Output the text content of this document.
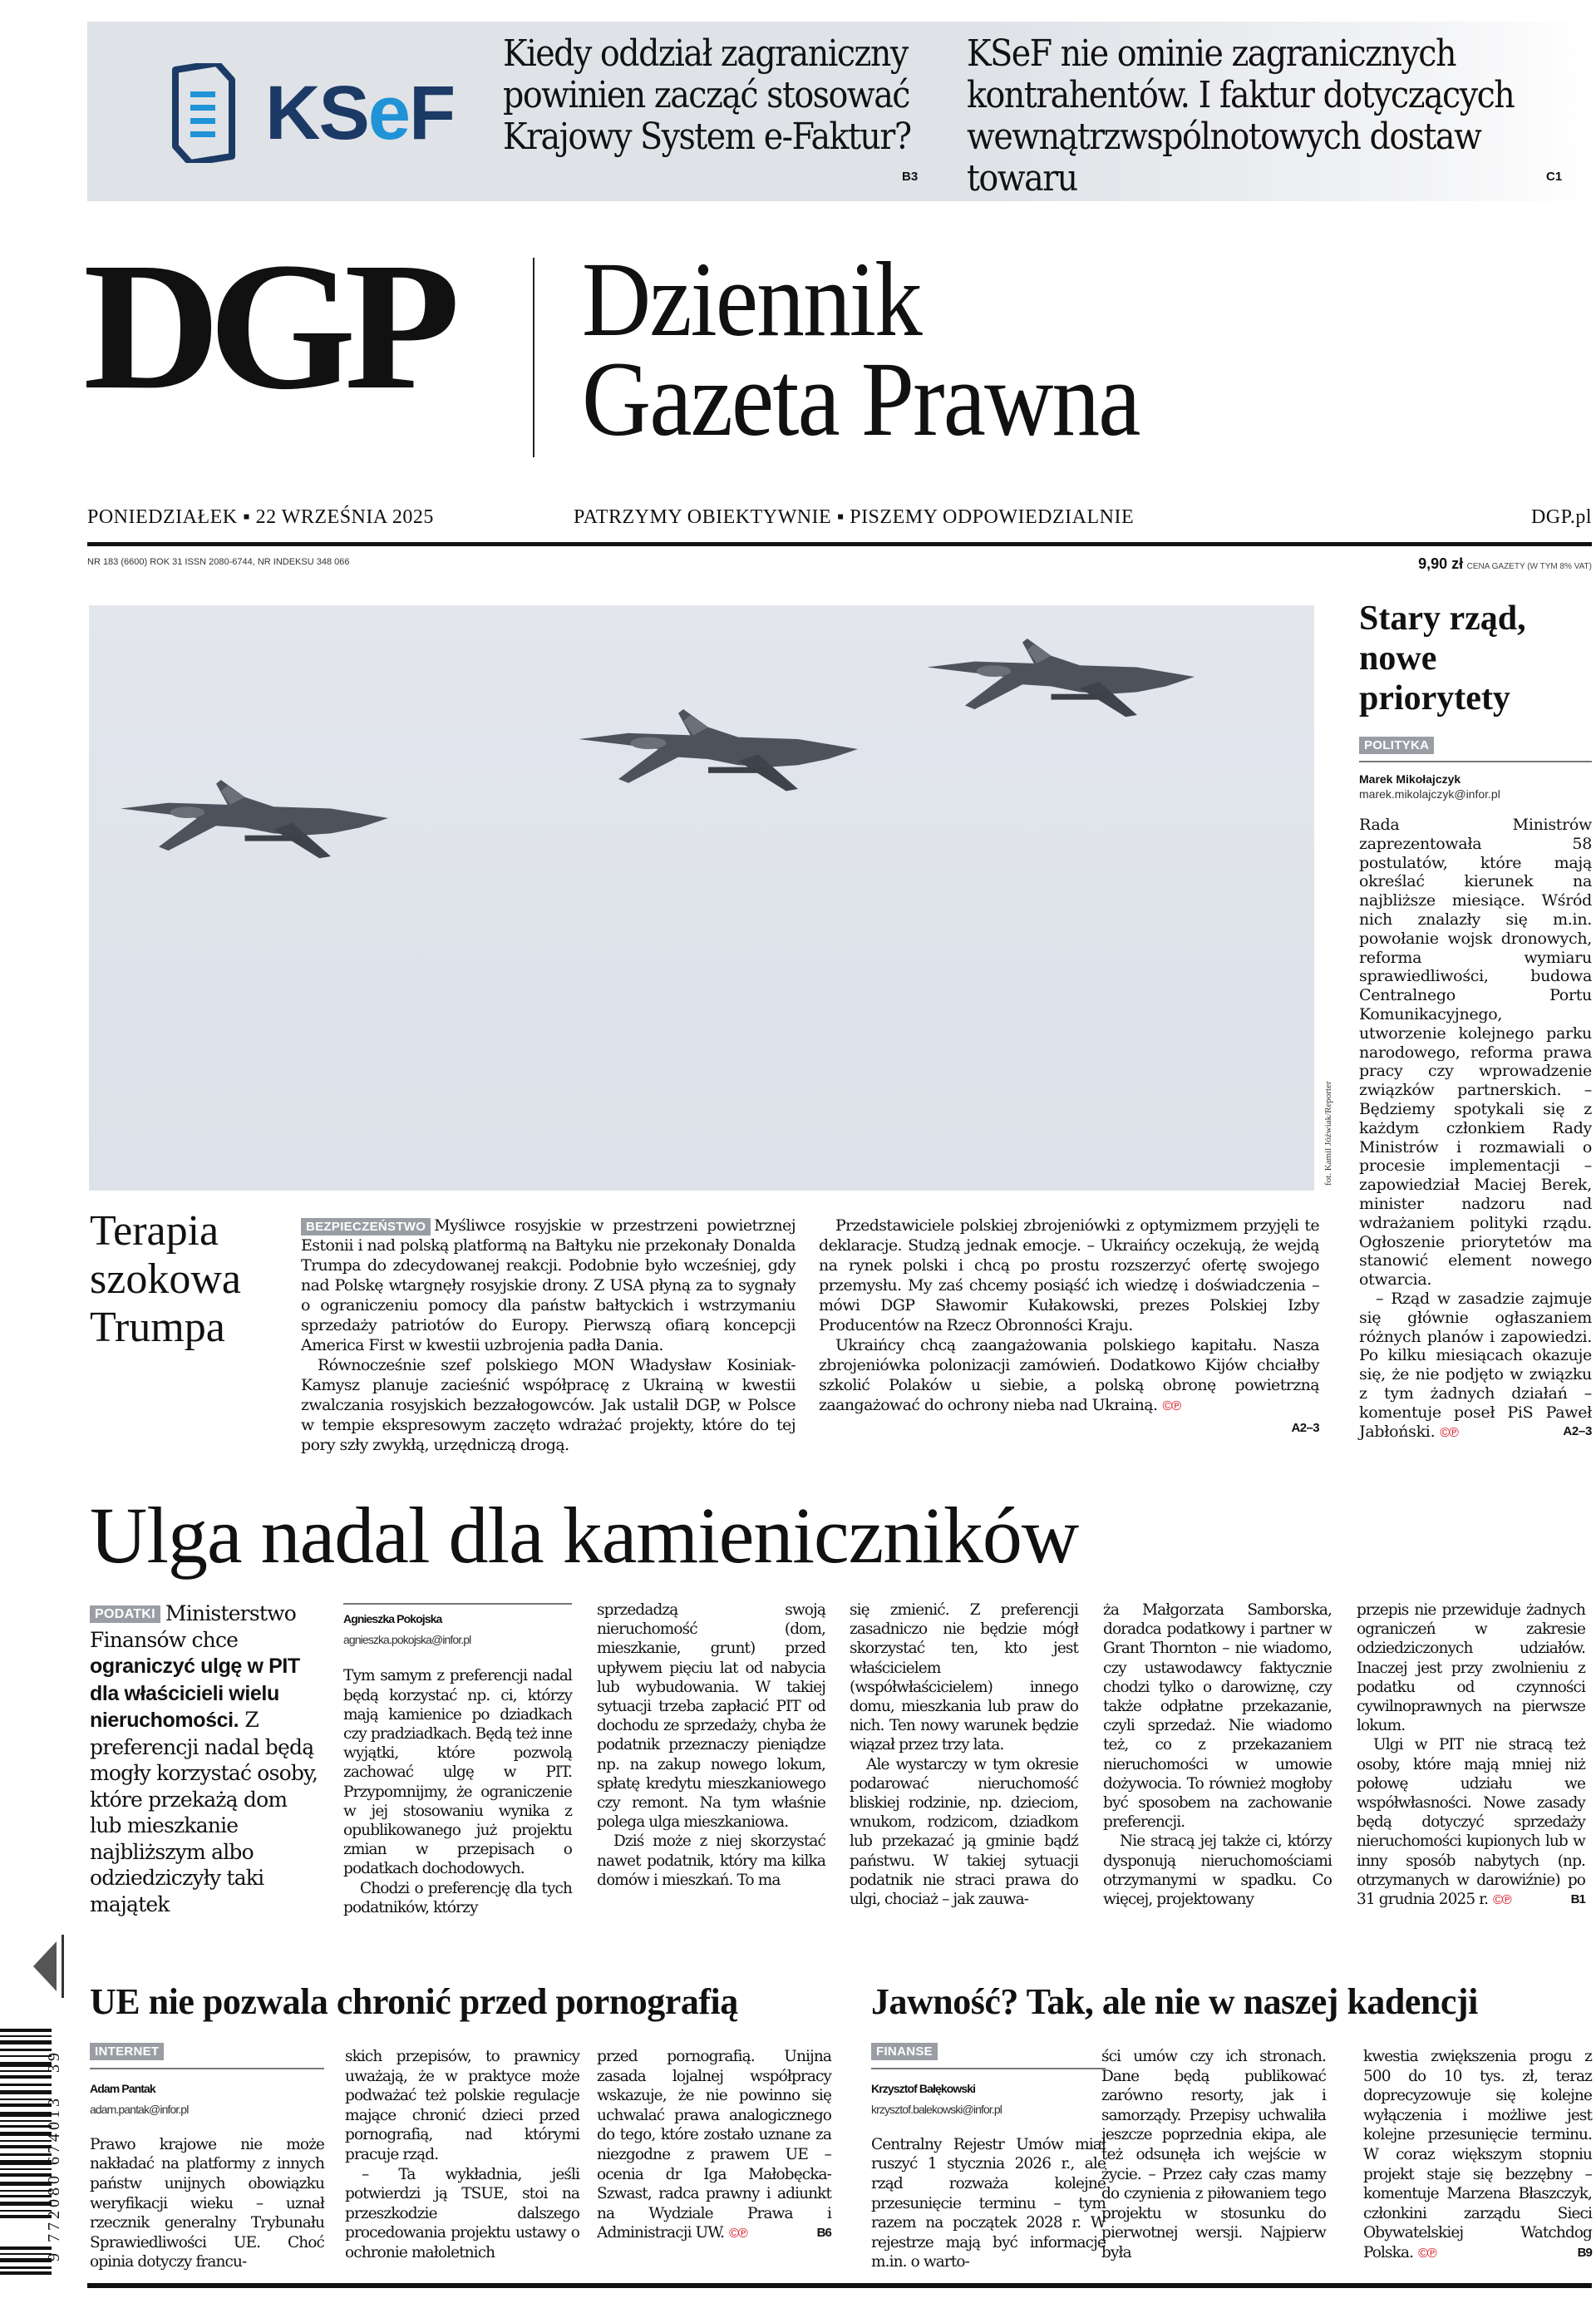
KSeF
Kiedy oddział zagraniczny powinien zacząć stosować Krajowy System e-Faktur?
B3
KSeF nie ominie zagranicznych kontrahentów. I faktur dotyczących wewnątrzwspólnotowych dostaw towaru	C1
DGP Dziennik
Gazeta Prawna
PONIEDZIAŁEK ▪ 22 WRZEŚNIA 2025	PATRZYMY OBIEKTYWNIE ▪ PISZEMY ODPOWIEDZIALNIE	DGP.pl
NR 183 (6600) ROK 31 ISSN 2080-6744, NR INDEKSU 348 066	9,90 zł CENA GAZETY (W TYM 8% VAT)
fot. Kamil Jóźwiak/Reporter
Stary rząd, nowe priorytety
POLITYKA
Marek Mikołajczyk
marek.mikolajczyk@infor.pl

Rada Ministrów zaprezentowała 58 postulatów, które mają określać kierunek na najbliższe miesiące. Wśród nich znalazły się m.in. powołanie wojsk dronowych, reforma wymiaru sprawiedliwości, budowa Centralnego Portu Komunikacyjnego, utworzenie kolejnego parku narodowego, reforma prawa pracy czy wprowadzenie związków partnerskich. – Będziemy spotykali się z każdym członkiem Rady Ministrów i rozmawiali o procesie implementacji – zapowiedział Maciej Berek, minister nadzoru nad wdrażaniem polityki rządu. Ogłoszenie priorytetów ma stanowić element nowego otwarcia.

– Rząd w zasadzie zajmuje się głównie ogłaszaniem różnych planów i zapowiedzi. Po kilku miesiącach okazuje się, że nie podjęto w związku z tym żadnych działań – komentuje poseł PiS Paweł Jabłoński. ©℗	A2–3

Terapia szokowa Trumpa

BEZPIECZEŃSTWO Myśliwce rosyjskie w przestrzeni powietrznej Estonii i nad polską platformą na Bałtyku nie przekonały Donalda Trumpa do zdecydowanej reakcji. Podobnie było wcześniej, gdy nad Polskę wtargnęły rosyjskie drony. Z USA płyną za to sygnały o ograniczeniu pomocy dla państw bałtyckich i wstrzymaniu sprzedaży patriotów do Europy. Pierwszą ofiarą koncepcji America First w kwestii uzbrojenia padła Dania.

Równocześnie szef polskiego MON Władysław Kosiniak-Kamysz planuje zacieśnić współpracę z Ukrainą w kwestii zwalczania rosyjskich bezzałogowców. Jak ustalił DGP, w Polsce w tempie ekspresowym zaczęto wdrażać projekty, które do tej pory szły zwykłą, urzędniczą drogą.

Przedstawiciele polskiej zbrojeniówki z optymizmem przyjęli te deklaracje. Studzą jednak emocje. – Ukraińcy oczekują, że wejdą na rynek polski i chcą po prostu rozszerzyć ofertę swojego przemysłu. My zaś chcemy posiąść ich wiedzę i doświadczenia – mówi DGP Sławomir Kułakowski, prezes Polskiej Izby Producentów na Rzecz Obronności Kraju.

Ukraińcy chcą zaangażowania polskiego kapitału. Nasza zbrojeniówka polonizacji zamówień. Dodatkowo Kijów chciałby szkolić Polaków u siebie, a polską obronę powietrzną zaangażować do ochrony nieba nad Ukrainą. ©℗

A2–3
Ulga nadal dla kamieniczników
PODATKI Ministerstwo Finansów chce ograniczyć ulgę w PIT dla właścicieli wielu nieruchomości. Z preferencji nadal będą mogły korzystać osoby, które przekażą dom lub mieszkanie najbliższym albo odziedziczyły taki majątek
Agnieszka Pokojska
agnieszka.pokojska@infor.pl

Tym samym z preferencji nadal będą korzystać np. ci, którzy mają kamienice po dziadkach czy pradziadkach. Będą też inne wyjątki, które pozwolą zachować ulgę w PIT. Przypomnijmy, że ograniczenie w jej stosowaniu wynika z opublikowanego już projektu zmian w przepisach o podatkach dochodowych.

Chodzi o preferencję dla tych podatników, którzy

sprzedadzą swoją nieruchomość (dom, mieszkanie, grunt) przed upływem pięciu lat od nabycia lub wybudowania. W takiej sytuacji trzeba zapłacić PIT od dochodu ze sprzedaży, chyba że podatnik przeznaczy pieniądze np. na zakup nowego lokum, spłatę kredytu mieszkaniowego czy remont. Na tym właśnie polega ulga mieszkaniowa.

Dziś może z niej skorzystać nawet podatnik, który ma kilka domów i mieszkań. To ma

się zmienić. Z preferencji zasadniczo nie będzie mógł skorzystać ten, kto jest właścicielem (współwłaścicielem) innego domu, mieszkania lub praw do nich. Ten nowy warunek będzie wiązał przez trzy lata.

Ale wystarczy w tym okresie podarować nieruchomość bliskiej rodzinie, np. dzieciom, wnukom, rodzicom, dziadkom lub przekazać ją gminie bądź państwu. W takiej sytuacji podatnik nie straci prawa do ulgi, chociaż – jak zauwa-

ża Małgorzata Samborska, doradca podatkowy i partner w Grant Thornton – nie wiadomo, czy ustawodawcy faktycznie chodzi tylko o darowiznę, czy także odpłatne przekazanie, czyli sprzedaż. Nie wiadomo też, co z przekazaniem nieruchomości w umowie dożywocia. To również mogłoby być sposobem na zachowanie preferencji.

Nie stracą jej także ci, którzy dysponują nieruchomościami otrzymanymi w spadku. Co więcej, projektowany

przepis nie przewiduje żadnych ograniczeń w zakresie odziedziczonych udziałów. Inaczej jest przy zwolnieniu z podatku od czynności cywilnoprawnych na pierwsze lokum.

Ulgi w PIT nie stracą też osoby, które mają mniej niż połowę udziału we współwłasności. Nowe zasady będą dotyczyć sprzedaży nieruchomości kupionych lub w inny sposób nabytych (np. otrzymanych w darowiźnie) po 31 grudnia 2025 r. ©℗	B1

UE nie pozwala chronić przed pornografią
INTERNET
Adam Pantak
adam.pantak@infor.pl

Prawo krajowe nie może nakładać na platformy z innych państw unijnych obowiązku weryfikacji wieku – uznał rzecznik generalny Trybunału Sprawiedliwości UE. Choć opinia dotyczy francu-

skich przepisów, to prawnicy uważają, że w praktyce może podważać też polskie regulacje mające chronić dzieci przed pornografią, nad którymi pracuje rząd.

– Ta wykładnia, jeśli potwierdzi ją TSUE, stoi na przeszkodzie dalszego procedowania projektu ustawy o ochronie małoletnich

przed pornografią. Unijna zasada lojalnej współpracy wskazuje, że nie powinno się uchwalać prawa analogicznego do tego, które zostało uznane za niezgodne z prawem UE – ocenia dr Iga Małobęcka-Szwast, radca prawny i adiunkt na Wydziale Prawa i Administracji UW. ©℗	B6

Jawność? Tak, ale nie w naszej kadencji
FINANSE
Krzysztof Bałękowski
krzysztof.balekowski@infor.pl

Centralny Rejestr Umów miał ruszyć 1 stycznia 2026 r., ale rząd rozważa kolejne przesunięcie terminu – tym razem na początek 2028 r. W rejestrze mają być informacje m.in. o warto-

ści umów czy ich stronach. Dane będą publikować zarówno resorty, jak i samorządy. Przepisy uchwaliła jeszcze poprzednia ekipa, ale też odsunęła ich wejście w życie. – Przez cały czas mamy do czynienia z piłowaniem tego projektu w stosunku do pierwotnej wersji. Najpierw była

kwestia zwiększenia progu z 500 do 10 tys. zł, teraz doprecyzowuje się kolejne wyłączenia i możliwe jest kolejne przesunięcie terminu. W coraz większym stopniu projekt staje się bezzębny – komentuje Marzena Błaszczyk, członkini zarządu Sieci Obywatelskiej Watchdog Polska. ©℗	B9

9 772080 674013   39
